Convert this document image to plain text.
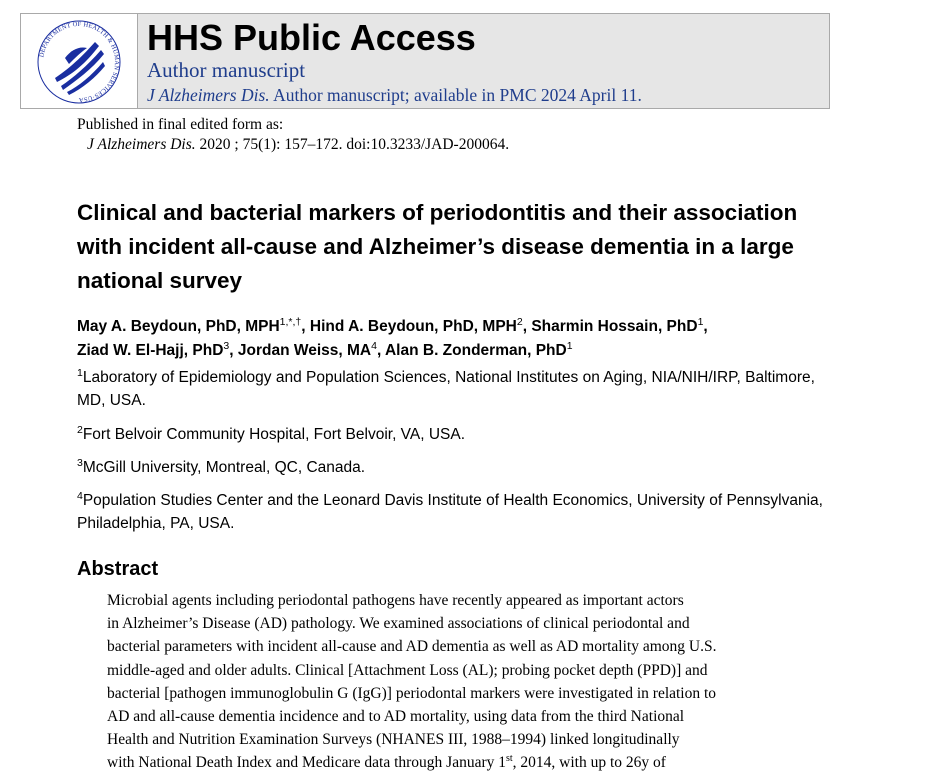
DEPARTMENT OF HEALTH & HUMAN SERVICES·USA
HHS Public Access
Author manuscript
J Alzheimers Dis. Author manuscript; available in PMC 2024 April 11.
Published in final edited form as:
J Alzheimers Dis. 2020 ; 75(1): 157–172. doi:10.3233/JAD-200064.
Clinical and bacterial markers of periodontitis and their association with incident all-cause and Alzheimer’s disease dementia in a large national survey
May A. Beydoun, PhD, $MPH^{1,*,\dagger}$, Hind A. Beydoun, PhD, MPH$^2$, Sharmin Hossain, PhD$^1$,
Ziad W. El-Hajj, PhD$^3$, Jordan Weiss, $MA^4$, Alan B. Zonderman, PhD$^1$
$^1$Laboratory of Epidemiology and Population Sciences, National Institutes on Aging, NIA/NIH/IRP, Baltimore, MD, USA.
$^2$Fort Belvoir Community Hospital, Fort Belvoir, VA, USA.
$^3$McGill University, Montreal, QC, Canada.
$^4$Population Studies Center and the Leonard Davis Institute of Health Economics, University of Pennsylvania, Philadelphia, PA, USA.
Abstract
Microbial agents including periodontal pathogens have recently appeared as important actors
in Alzheimer’s Disease (AD) pathology. We examined associations of clinical periodontal and
bacterial parameters with incident all-cause and AD dementia as well as AD mortality among U.S.
middle-aged and older adults. Clinical [Attachment Loss (AL); probing pocket depth (PPD)] and
bacterial [pathogen immunoglobulin G (IgG)] periodontal markers were investigated in relation to
AD and all-cause dementia incidence and to AD mortality, using data from the third National
Health and Nutrition Examination Surveys (NHANES III, 1988–1994) linked longitudinally
with National Death Index and Medicare data through January 1st, 2014, with up to 26y of
